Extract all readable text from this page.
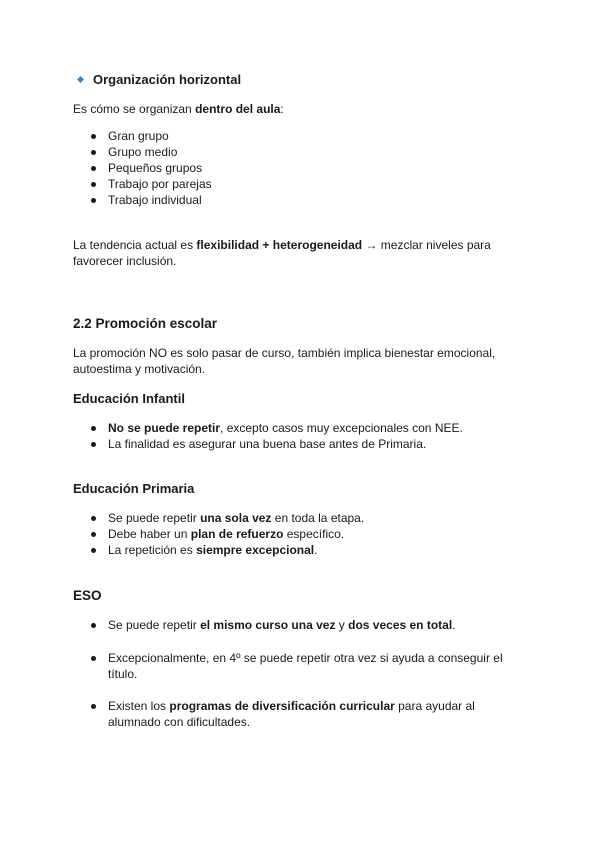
Organización horizontal
Es cómo se organizan dentro del aula:
Gran grupo
Grupo medio
Pequeños grupos
Trabajo por parejas
Trabajo individual
La tendencia actual es flexibilidad + heterogeneidad → mezclar niveles para
favorecer inclusión.
2.2 Promoción escolar
La promoción NO es solo pasar de curso, también implica bienestar emocional,
autoestima y motivación.
Educación Infantil
No se puede repetir, excepto casos muy excepcionales con NEE.
La finalidad es asegurar una buena base antes de Primaria.
Educación Primaria
Se puede repetir una sola vez en toda la etapa.
Debe haber un plan de refuerzo específico.
La repetición es siempre excepcional.
ESO
Se puede repetir el mismo curso una vez y dos veces en total.
Excepcionalmente, en 4º se puede repetir otra vez si ayuda a conseguir el
título.
Existen los programas de diversificación curricular para ayudar al
alumnado con dificultades.
